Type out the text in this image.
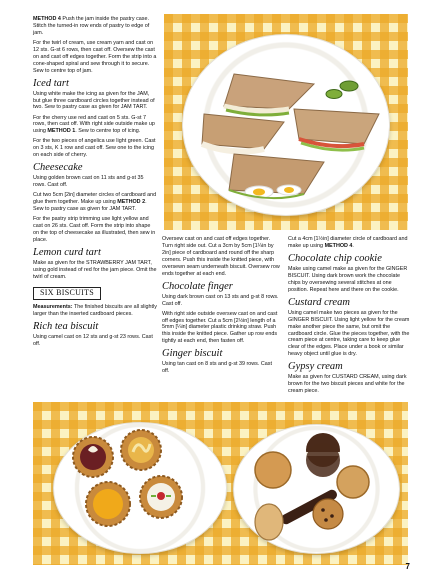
METHOD 4 Push the jam inside the pastry case. Stitch the turned-in row ends of pastry to edge of jam.

For the twirl of cream, use cream yarn and cast on 12 sts. G-st 6 rows, then cast off. Oversew the cast on and cast off edges together. Form the strip into a cone-shaped spiral and sew through it to secure. Sew to centre top of jam.

Iced tart

Using white make the icing as given for the JAM, but glue three cardboard circles together instead of two. Sew to pastry case as given for JAM TART.

For the cherry use red and cast on 5 sts. G-st 7 rows, then cast off. With right side outside make up using METHOD 1. Sew to centre top of icing.

For the two pieces of angelica use light green. Cast on 3 sts, K 1 row and cast off. Sew one to the icing on each side of cherry.

Cheesecake

Using golden brown cast on 11 sts and g-st 35 rows. Cast off.

Cut two 5cm [2in] diameter circles of cardboard and glue them together. Make up using METHOD 2. Sew to pastry case as given for JAM TART.

For the pastry strip trimming use light yellow and cast on 26 sts. Cast off. Form the strip into shape on the top of cheesecake as illustrated, then sew in place.

Lemon curd tart

Make as given for the STRAWBERRY JAM TART, using gold instead of red for the jam piece. Omit the twirl of cream.

SIX BISCUITS

Measurements: The finished biscuits are all slightly larger than the inserted cardboard pieces.

Rich tea biscuit

Using camel cast on 12 sts and g-st 23 rows. Cast off.

Oversew cast on and cast off edges together. Turn right side out. Cut a 3cm by 5cm [1¼in by 2in] piece of cardboard and round off the sharp corners. Push this inside the knitted piece, with oversewn seam underneath biscuit. Oversew row ends together at each end.

Chocolate finger

Using dark brown cast on 13 sts and g-st 8 rows. Cast off.

With right side outside oversew cast on and cast off edges together. Cut a 5cm [2½in] length of a 5mm [¼in] diameter plastic drinking straw. Push this inside the knitted piece. Gather up row ends tightly at each end, then fasten off.

Ginger biscuit

Using tan cast on 8 sts and g-st 39 rows. Cast off.

Cut a 4cm [1½in] diameter circle of cardboard and make up using METHOD 4.

Chocolate chip cookie

Make using camel make as given for the GINGER BISCUIT. Using dark brown work the chocolate chips by oversewing several stitches at one position. Repeat here and there on the cookie.

Custard cream

Using camel make two pieces as given for the GINGER BISCUIT. Using light yellow for the cream make another piece the same, but omit the cardboard circle. Glue the pieces together, with the cream piece at centre, taking care to keep glue clear of the edges. Place under a book or similar heavy object until glue is dry.

Gypsy cream

Make as given for CUSTARD CREAM, using dark brown for the two biscuit pieces and white for the cream piece.

7
